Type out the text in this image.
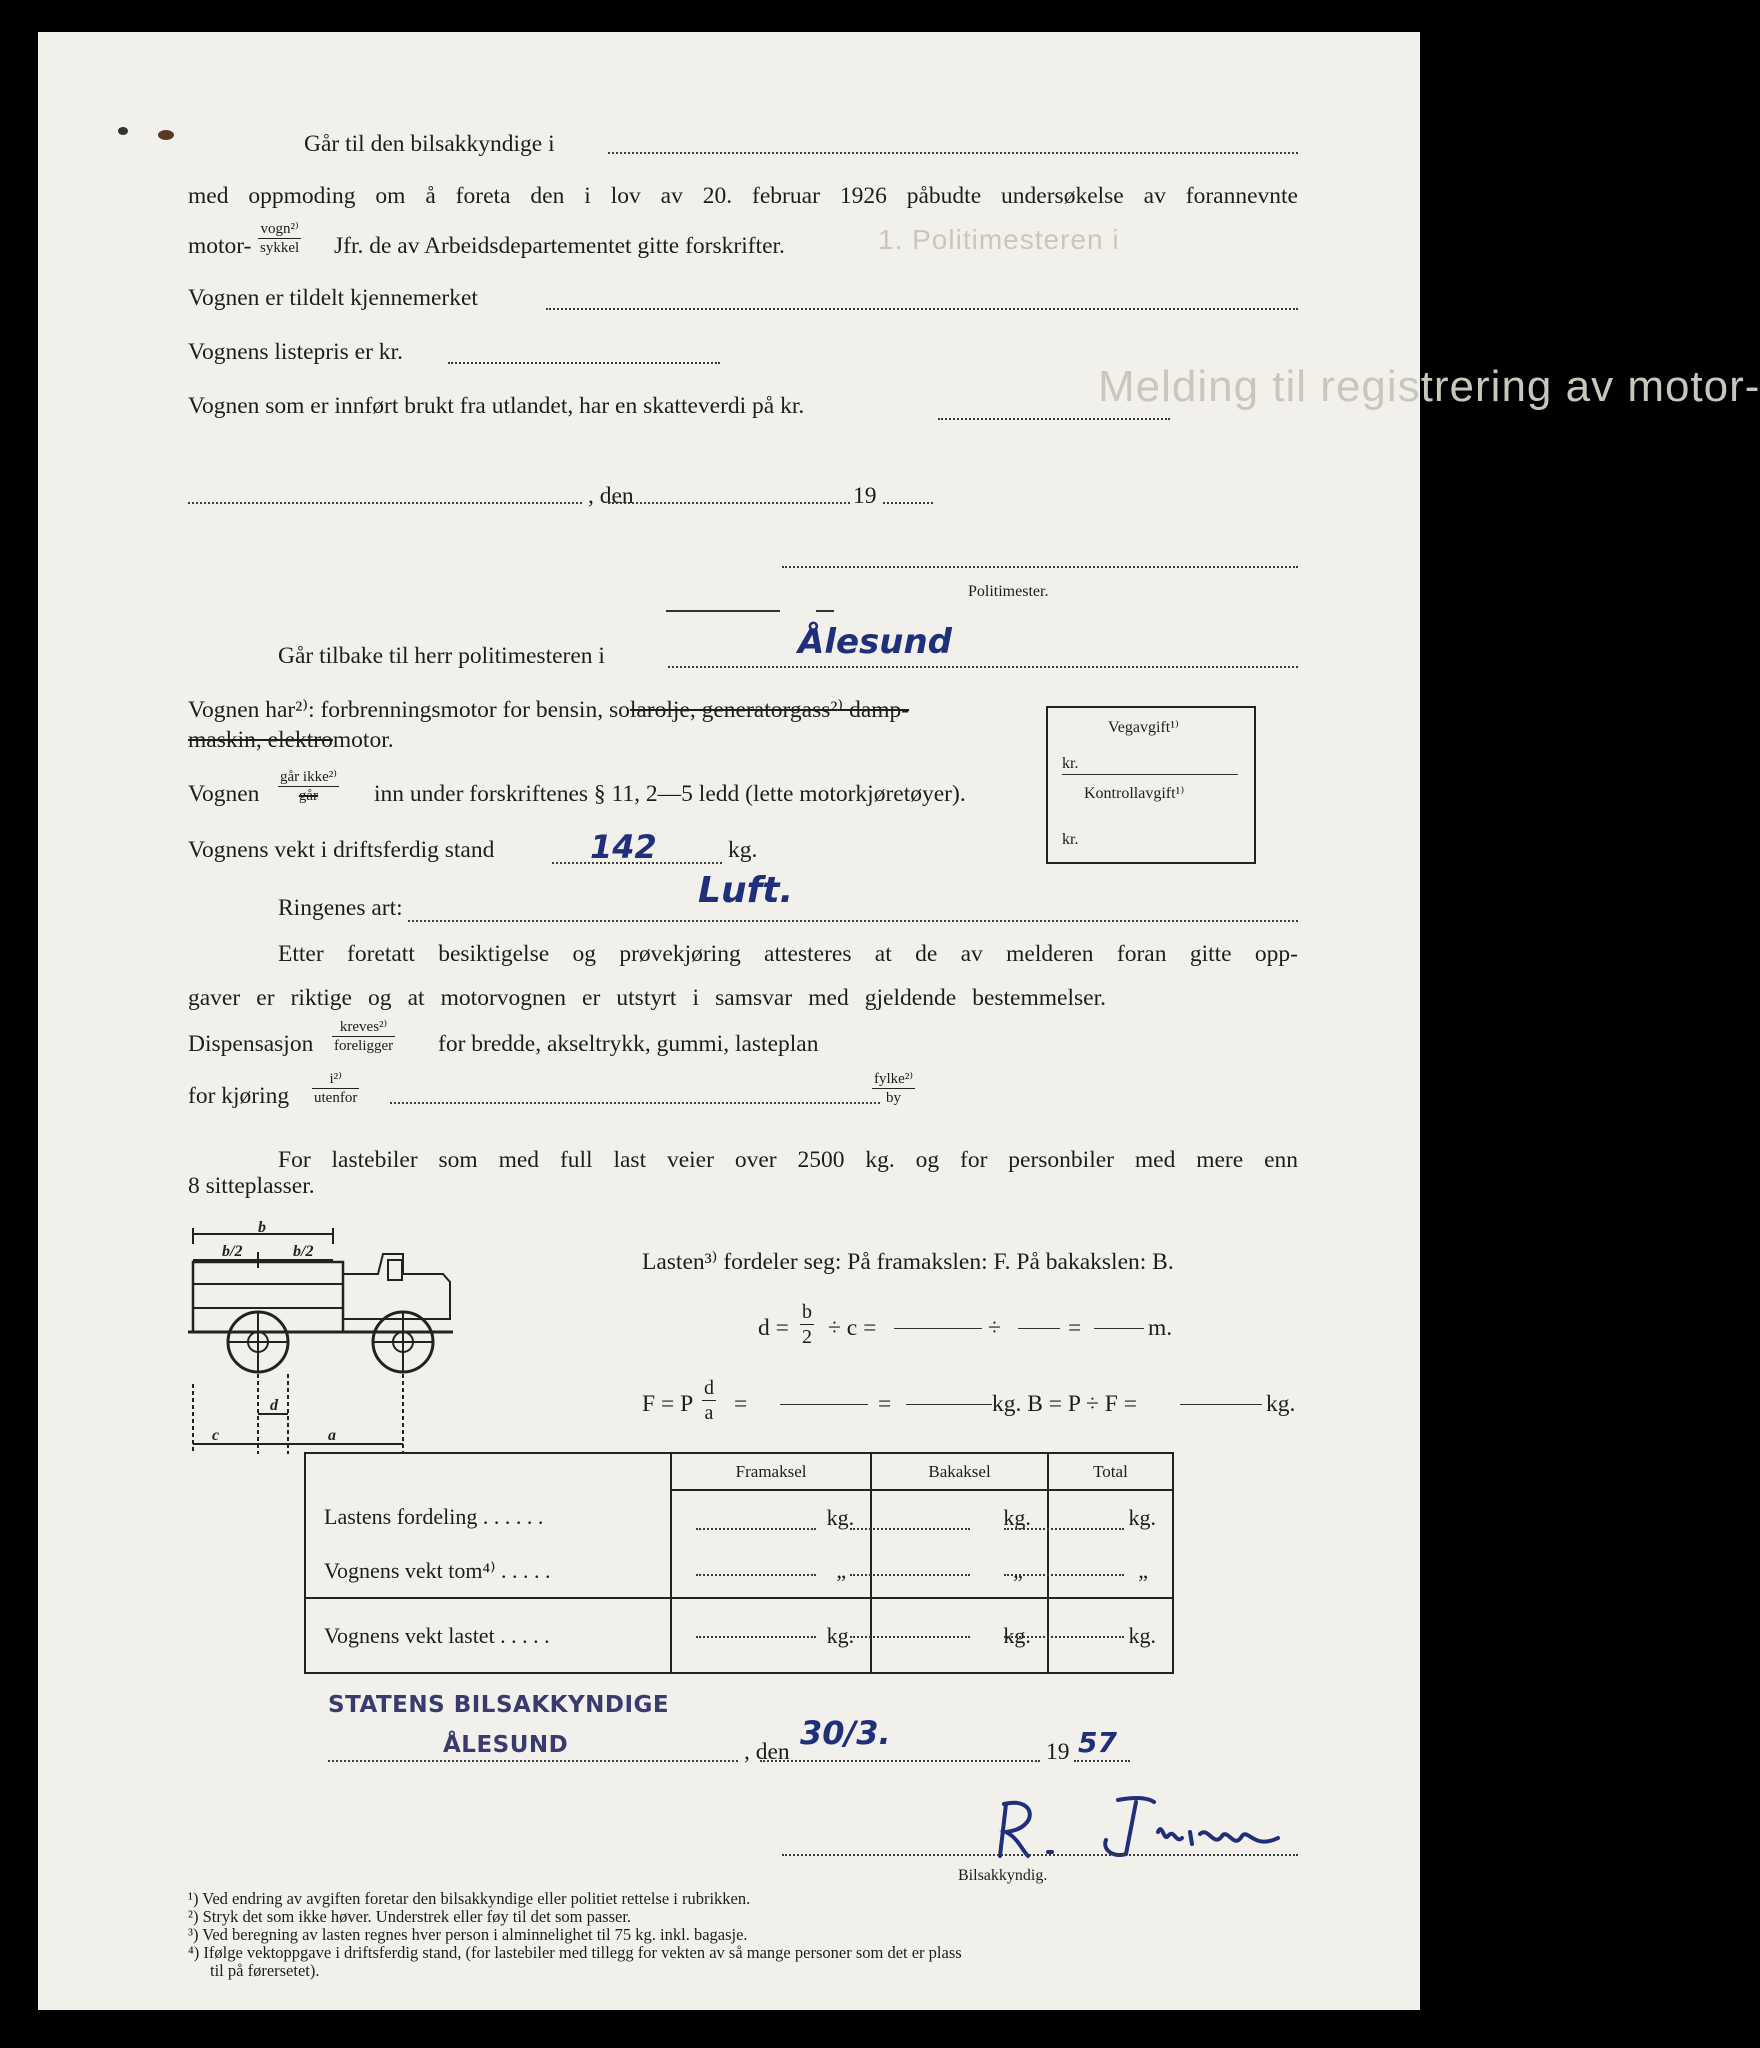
1. Politimesteren i
Melding til registrering av motor-
Går til den bilsakkyndige i
med oppmoding om å foreta den i lov av 20. februar 1926 påbudte undersøkelse av forannevnte
motor-
vogn²⁾
sykkel Jfr. de av Arbeidsdepartementet gitte forskrifter.
Vognen er tildelt kjennemerket
Vognens listepris er kr.
Vognen som er innført brukt fra utlandet, har en skatteverdi på kr.
, den	19
Politimester.
Går tilbake til herr politimesteren i	Ålesund
Vognen har²⁾: forbrenningsmotor for bensin, solarolje, generatorgass²⁾ damp-
maskin, elektromotor.
Vognen
går ikke²⁾
går	inn under forskriftenes § 11, 2—5 ledd (lette motorkjøretøyer).
Vognens vekt i driftsferdig stand	142	kg.
Ringenes art:	Luft.
Vegavgift¹⁾
kr.
Kontrollavgift¹⁾
kr.
Etter foretatt besiktigelse og prøvekjøring attesteres at de av melderen foran gitte opp-
gaver er riktige og at motorvognen er utstyrt i samsvar med gjeldende bestemmelser.
Dispensasjon
kreves²⁾
foreligger for bredde, akseltrykk, gummi, lasteplan
for kjøring
i²⁾
utenfor
fylke²⁾
by
For lastebiler som med full last veier over 2500 kg. og for personbiler med mere enn
8 sitteplasser.
b
b/2	b/2
d
c	a
Lasten³⁾ fordeler seg: På framakslen: F. På bakakslen: B.
$d = \frac{b}{2} \div c$ =	÷	=	m.
F = P $\frac{d}{a}$ =	=	kg. B = P ÷ F =	kg.
	Framaksel	Bakaksel	Total
Lastens fordeling . . . . . .	kg.	kg.	kg.
Vognens vekt tom⁴⁾ . . . . .	„	„	„
Vognens vekt lastet . . . . .	kg.	kg.	kg.
STATENS BILSAKKYNDIGE
ÅLESUND	, den 30/3.	19 57
Bilsakkyndig.
¹) Ved endring av avgiften foretar den bilsakkyndige eller politiet rettelse i rubrikken.
²) Stryk det som ikke høver. Understrek eller føy til det som passer.
³) Ved beregning av lasten regnes hver person i alminnelighet til 75 kg. inkl. bagasje.
⁴) Ifølge vektoppgave i driftsferdig stand, (for lastebiler med tillegg for vekten av så mange personer som det er plass
til på førersetet).
